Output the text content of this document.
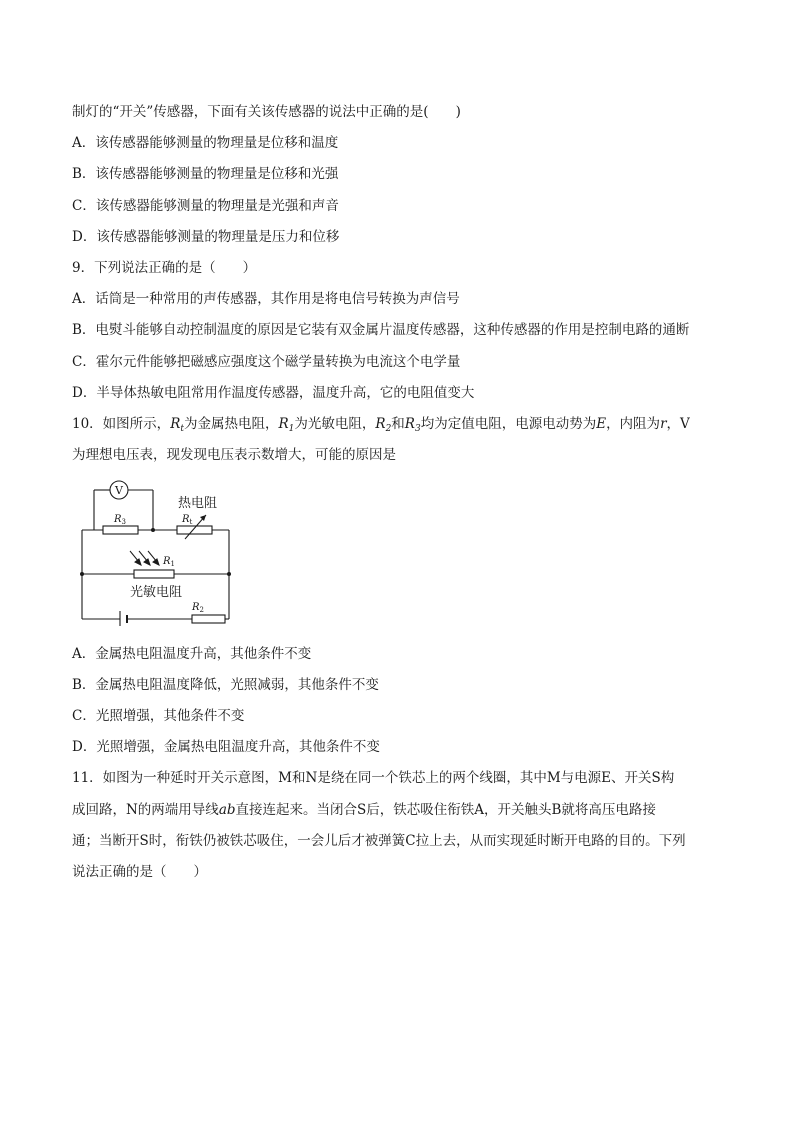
制灯的“开关”传感器，下面有关该传感器的说法中正确的是(　　)
A．该传感器能够测量的物理量是位移和温度
B．该传感器能够测量的物理量是位移和光强
C．该传感器能够测量的物理量是光强和声音
D．该传感器能够测量的物理量是压力和位移
9．下列说法正确的是（　　）
A．话筒是一种常用的声传感器，其作用是将电信号转换为声信号
B．电熨斗能够自动控制温度的原因是它装有双金属片温度传感器，这种传感器的作用是控制电路的通断
C．霍尔元件能够把磁感应强度这个磁学量转换为电流这个电学量
D．半导体热敏电阻常用作温度传感器，温度升高，它的电阻值变大
10．如图所示，$R_t$为金属热电阻，$R_1$为光敏电阻，$R_2$和$R_3$均为定值电阻，电源电动势为E，内阻为r，V
为理想电压表，现发现电压表示数增大，可能的原因是
V
$R_3$	$R_t$
热电阻
$R_1$
光敏电阻
$R_2$
A．金属热电阻温度升高，其他条件不变
B．金属热电阻温度降低，光照减弱，其他条件不变
C．光照增强，其他条件不变
D．光照增强，金属热电阻温度升高，其他条件不变
11．如图为一种延时开关示意图，M和N是绕在同一个铁芯上的两个线圈，其中M与电源E、开关S构
成回路，N的两端用导线ab直接连起来。当闭合S后，铁芯吸住衔铁A，开关触头B就将高压电路接
通；当断开S时，衔铁仍被铁芯吸住，一会儿后才被弹簧C拉上去，从而实现延时断开电路的目的。下列
说法正确的是（　　）
